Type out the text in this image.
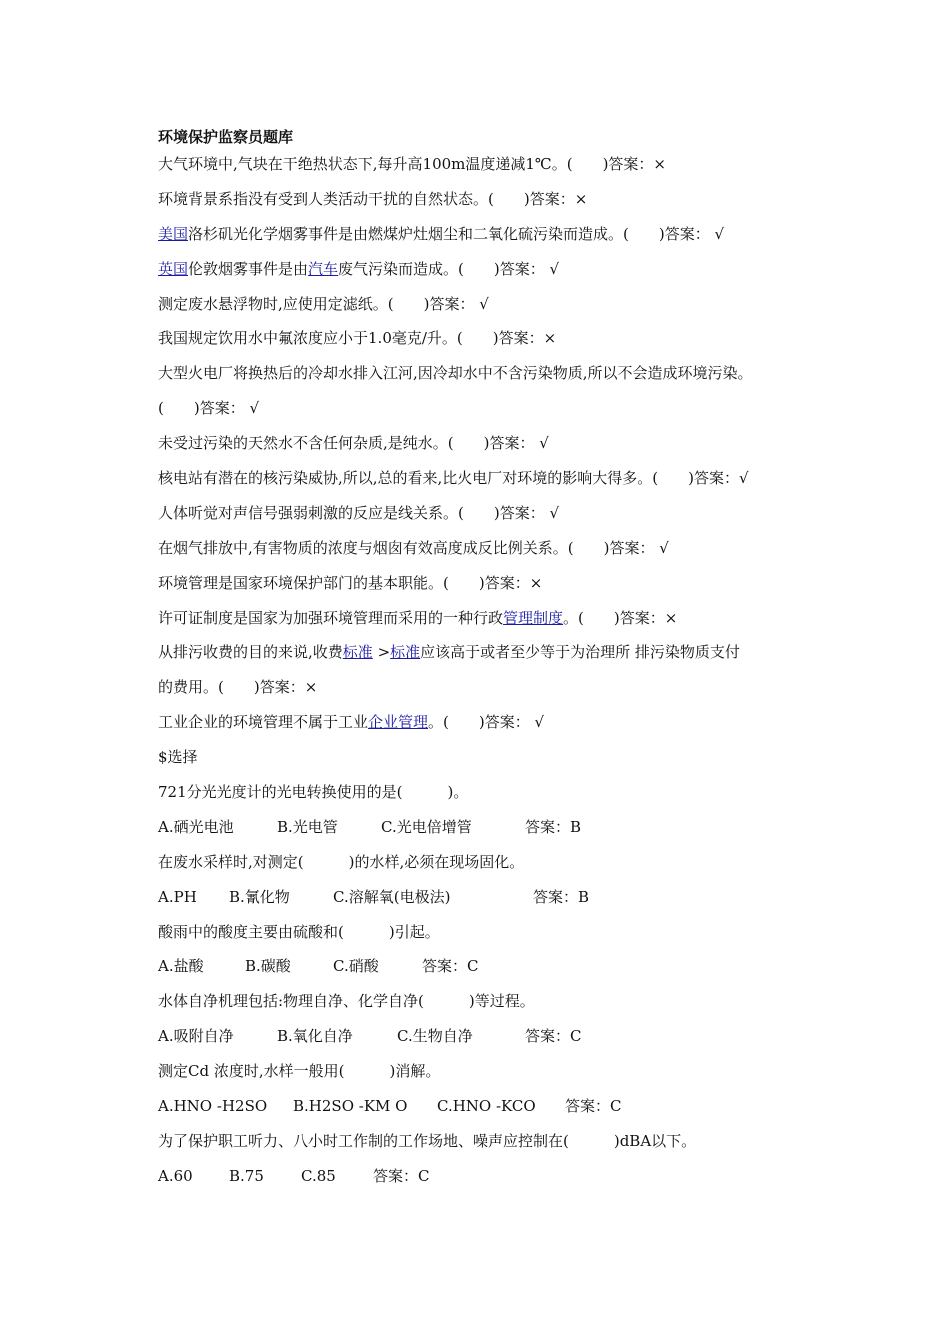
环境保护监察员题库
大气环境中,气块在干绝热状态下,每升高100m温度递减1℃。(　　)答案：×
环境背景系指没有受到人类活动干扰的自然状态。(　　)答案：×
美国洛杉矶光化学烟雾事件是由燃煤炉灶烟尘和二氧化硫污染而造成。(　　)答案： √
英国伦敦烟雾事件是由汽车废气污染而造成。(　　)答案： √
测定废水悬浮物时,应使用定滤纸。(　　)答案： √
我国规定饮用水中氟浓度应小于1.0毫克/升。(　　)答案：×
大型火电厂将换热后的冷却水排入江河,因冷却水中不含污染物质,所以不会造成环境污染。
(　　)答案： √
未受过污染的天然水不含任何杂质,是纯水。(　　)答案： √
核电站有潜在的核污染威协,所以,总的看来,比火电厂对环境的影响大得多。(　　)答案：√
人体听觉对声信号强弱刺激的反应是线关系。(　　)答案： √
在烟气排放中,有害物质的浓度与烟囱有效高度成反比例关系。(　　)答案： √
环境管理是国家环境保护部门的基本职能。(　　)答案：×
许可证制度是国家为加强环境管理而采用的一种行政管理制度。(　　)答案：×
从排污收费的目的来说,收费标准 >标准应该高于或者至少等于为治理所 排污染物质支付
的费用。(　　)答案：×
工业企业的环境管理不属于工业企业管理。(　　)答案： √
$选择
721分光光度计的光电转换使用的是(　　　)。
A.硒光电池	B.光电管	C.光电倍增管	答案：B
在废水采样时,对测定(　　　)的水样,必须在现场固化。
A.PH B.氰化物	C.溶解氧(电极法)	答案：B
酸雨中的酸度主要由硫酸和(　　　)引起。
A.盐酸	B.碳酸	C.硝酸	答案：C
水体自净机理包括:物理自净、化学自净(　　　)等过程。
A.吸附自净	B.氧化自净	C.生物自净	答案：C
测定Cd 浓度时,水样一般用(　　　)消解。
A.HNO -H2SO B.H2SO -KM O C.HNO -KCO 答案：C
为了保护职工听力、八小时工作制的工作场地、噪声应控制在(　　　)dBA以下。
A.60 B.75 C.85 答案：C
